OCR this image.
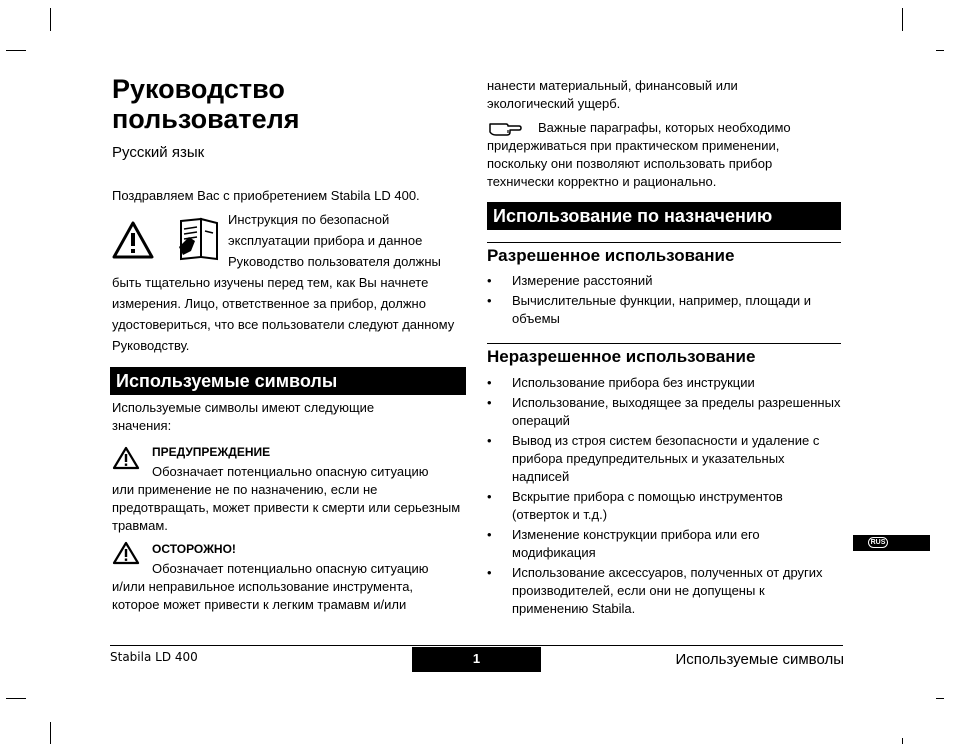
Руководство пользователя
Русский язык
Поздравляем Вас с приобретением Stabila LD 400.
Инструкция по безопасной эксплуатации прибора и данное Руководство пользователя должны
быть тщательно изучены перед тем, как Вы начнете измерения. Лицо, ответственное за прибор, должно удостовериться, что все пользователи следуют данному Руководству.
Используемые символы
Используемые символы имеют следующие значения:
ПРЕДУПРЕЖДЕНИЕ
Обозначает потенциально опасную ситуацию
или применение не по назначению, если не предотвращать, может привести к смерти или серьезным травмам.
ОСТОРОЖНО!
Обозначает потенциально опасную ситуацию
и/или неправильное использование инструмента, которое может привести к легким трамавм и/или
нанести материальный, финансовый или экологический ущерб.
Важные параграфы, которых необходимо придерживаться при практическом применении, поскольку они позволяют использовать прибор технически корректно и рационально.
Использование по назначению
Разрешенное использование
• Измерение расстояний
• Вычислительные функции, например, площади и объемы
Неразрешенное использование
• Использование прибора без инструкции
• Использование, выходящее за пределы разрешенных операций
• Вывод из строя систем безопасности и удаление с прибора предупредительных и указательных надписей
• Вскрытие прибора с помощью инструментов (отверток и т.д.)
• Изменение конструкции прибора или его модификация
• Использование аксессуаров, полученных от других производителей, если они не допущены к применению Stabila.
RUS
Stabila LD 400	1	Используемые символы
